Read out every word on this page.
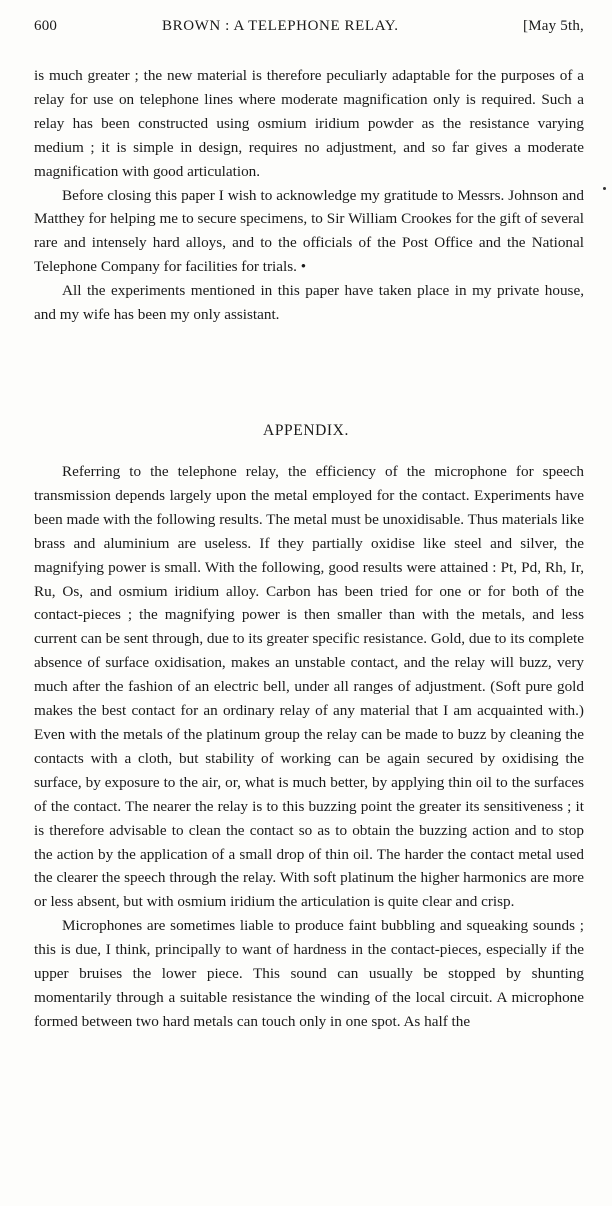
600	BROWN : A TELEPHONE RELAY.	[May 5th,

is much greater ; the new material is therefore peculiarly adaptable for the purposes of a relay for use on telephone lines where moderate magnification only is required. Such a relay has been constructed using osmium iridium powder as the resistance varying medium ; it is simple in design, requires no adjustment, and so far gives a moderate magnification with good articulation.

Before closing this paper I wish to acknowledge my gratitude to Messrs. Johnson and Matthey for helping me to secure specimens, to Sir William Crookes for the gift of several rare and intensely hard alloys, and to the officials of the Post Office and the National Telephone Company for facilities for trials. •

All the experiments mentioned in this paper have taken place in my private house, and my wife has been my only assistant.

APPENDIX.

Referring to the telephone relay, the efficiency of the microphone for speech transmission depends largely upon the metal employed for the contact. Experiments have been made with the following results. The metal must be unoxidisable. Thus materials like brass and aluminium are useless. If they partially oxidise like steel and silver, the magnifying power is small. With the following, good results were attained : Pt, Pd, Rh, Ir, Ru, Os, and osmium iridium alloy. Carbon has been tried for one or for both of the contact-pieces ; the magnifying power is then smaller than with the metals, and less current can be sent through, due to its greater specific resistance. Gold, due to its complete absence of surface oxidisation, makes an unstable contact, and the relay will buzz, very much after the fashion of an electric bell, under all ranges of adjustment. (Soft pure gold makes the best contact for an ordinary relay of any material that I am acquainted with.) Even with the metals of the platinum group the relay can be made to buzz by cleaning the contacts with a cloth, but stability of working can be again secured by oxidising the surface, by exposure to the air, or, what is much better, by applying thin oil to the surfaces of the contact. The nearer the relay is to this buzzing point the greater its sensitiveness ; it is therefore advisable to clean the contact so as to obtain the buzzing action and to stop the action by the application of a small drop of thin oil. The harder the contact metal used the clearer the speech through the relay. With soft platinum the higher harmonics are more or less absent, but with osmium iridium the articulation is quite clear and crisp.

Microphones are sometimes liable to produce faint bubbling and squeaking sounds ; this is due, I think, principally to want of hardness in the contact-pieces, especially if the upper bruises the lower piece. This sound can usually be stopped by shunting momentarily through a suitable resistance the winding of the local circuit. A microphone formed between two hard metals can touch only in one spot. As half the
